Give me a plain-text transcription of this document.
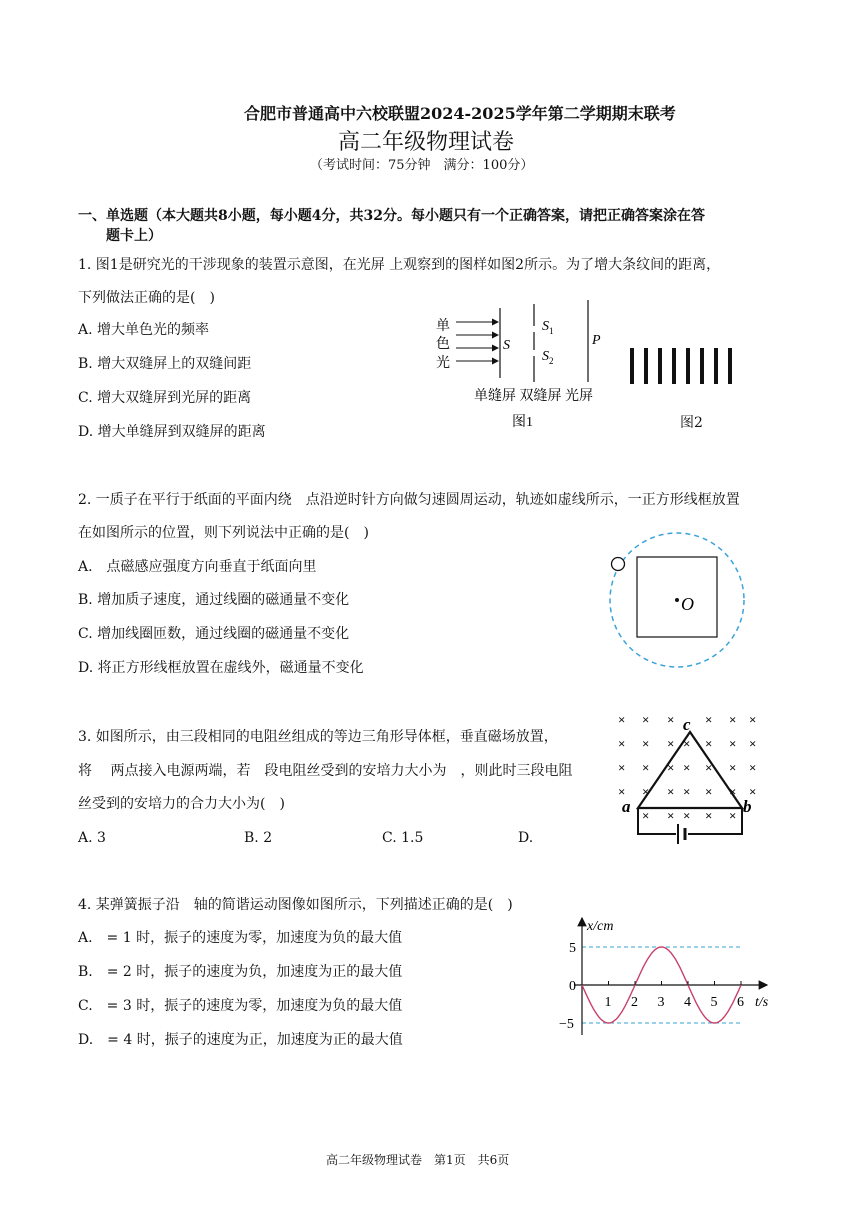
合肥市普通高中六校联盟2024-2025学年第二学期期末联考
高二年级物理试卷
（考试时间：75分钟　满分：100分）
一、单选题（本大题共8小题，每小题4分，共32分。每小题只有一个正确答案，请把正确答案涂在答
题卡上）
1. 图1是研究光的干涉现象的装置示意图，在光屏 上观察到的图样如图2所示。为了增大条纹间的距离，
下列做法正确的是(　)
A. 增大单色光的频率
B. 增大双缝屏上的双缝间距
C. 增大双缝屏到光屏的距离
D. 增大单缝屏到双缝屏的距离
单
色
光
S
$S_1$
$S_2$
P
单缝屏 双缝屏 光屏
图1	图2
2. 一质子在平行于纸面的平面内绕　点沿逆时针方向做匀速圆周运动，轨迹如虚线所示，一正方形线框放置
在如图所示的位置，则下列说法中正确的是(　)
A.　点磁感应强度方向垂直于纸面向里
B. 增加质子速度，通过线圈的磁通量不变化
C. 增加线圈匝数，通过线圈的磁通量不变化
D. 将正方形线框放置在虚线外，磁通量不变化
O
3. 如图所示，由三段相同的电阻丝组成的等边三角形导体框，垂直磁场放置，
将　 两点接入电源两端，若　段电阻丝受到的安培力大小为　，则此时三段电阻
丝受到的安培力的合力大小为(　)
A. 3	B. 2	C. 1.5	D.
× × × × × ×
× × × × × × ×
× × × × × × ×
× × × × × × ×
× × × × ×
c
a	b
4. 某弹簧振子沿　轴的简谐运动图像如图所示，下列描述正确的是(　)
A.　= 1 时，振子的速度为零，加速度为负的最大值
B.　= 2 时，振子的速度为负，加速度为正的最大值
C.　= 3 时，振子的速度为零，加速度为负的最大值
D.　= 4 时，振子的速度为正，加速度为正的最大值
x/cm
t/s
1 2 3 4 5 6
5
0
−5
高二年级物理试卷　第1页　共6页
